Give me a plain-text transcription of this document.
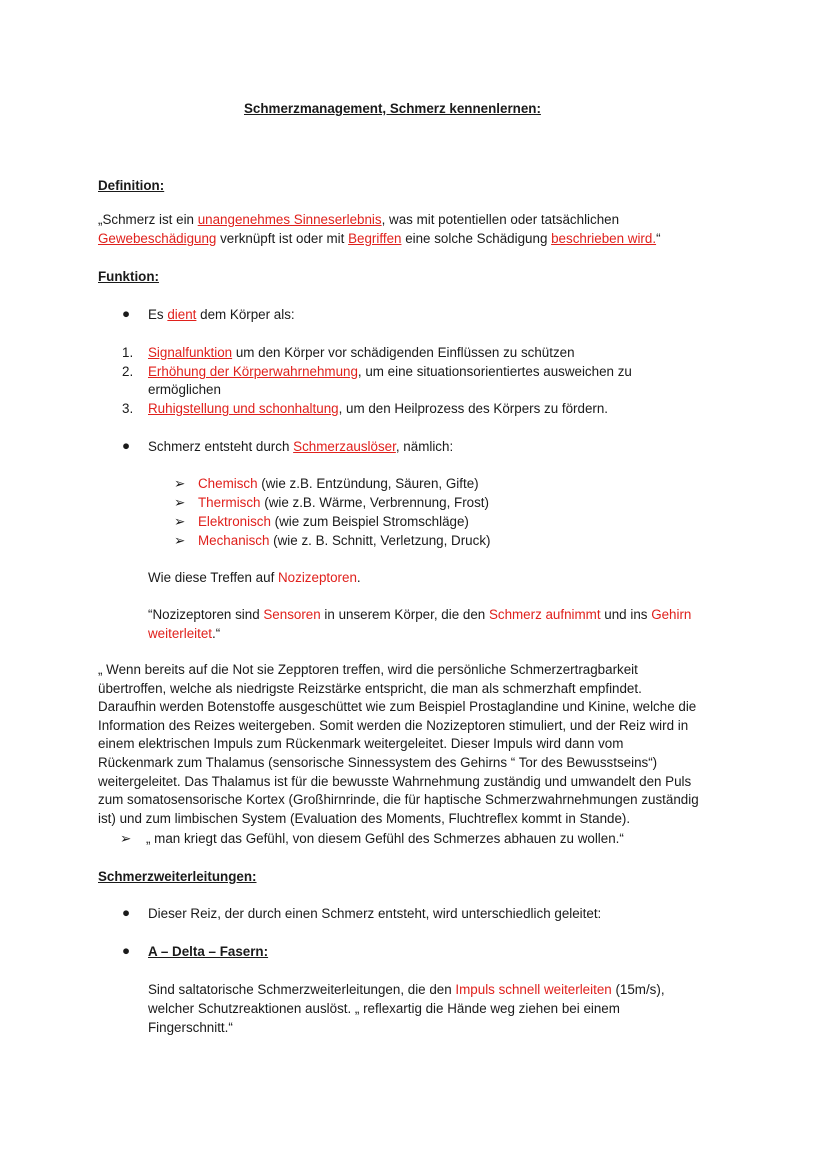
Schmerzmanagement, Schmerz kennenlernen:
Definition:
„Schmerz ist ein unangenehmes Sinneserlebnis, was mit potentiellen oder tatsächlichen
Gewebeschädigung verknüpft ist oder mit Begriffen eine solche Schädigung beschrieben wird.“
Funktion:
● Es dient dem Körper als:
1. Signalfunktion um den Körper vor schädigenden Einflüssen zu schützen
2. Erhöhung der Körperwahrnehmung, um eine situationsorientiertes ausweichen zu
ermöglichen
3. Ruhigstellung und schonhaltung, um den Heilprozess des Körpers zu fördern.
● Schmerz entsteht durch Schmerzauslöser, nämlich:
➢ Chemisch (wie z.B. Entzündung, Säuren, Gifte)
➢ Thermisch (wie z.B. Wärme, Verbrennung, Frost)
➢ Elektronisch (wie zum Beispiel Stromschläge)
➢ Mechanisch (wie z. B. Schnitt, Verletzung, Druck)
Wie diese Treffen auf Nozizeptoren.
“Nozizeptoren sind Sensoren in unserem Körper, die den Schmerz aufnimmt und ins Gehirn
weiterleitet.“
„ Wenn bereits auf die Not sie Zepptoren treffen, wird die persönliche Schmerzertragbarkeit
übertroffen, welche als niedrigste Reizstärke entspricht, die man als schmerzhaft empfindet.
Daraufhin werden Botenstoffe ausgeschüttet wie zum Beispiel Prostaglandine und Kinine, welche die
Information des Reizes weitergeben. Somit werden die Nozizeptoren stimuliert, und der Reiz wird in
einem elektrischen Impuls zum Rückenmark weitergeleitet. Dieser Impuls wird dann vom
Rückenmark zum Thalamus (sensorische Sinnessystem des Gehirns “ Tor des Bewusstseins“)
weitergeleitet. Das Thalamus ist für die bewusste Wahrnehmung zuständig und umwandelt den Puls
zum somatosensorische Kortex (Großhirnrinde, die für haptische Schmerzwahrnehmungen zuständig
ist) und zum limbischen System (Evaluation des Moments, Fluchtreflex kommt in Stande).
➢ „ man kriegt das Gefühl, von diesem Gefühl des Schmerzes abhauen zu wollen.“
Schmerzweiterleitungen:
● Dieser Reiz, der durch einen Schmerz entsteht, wird unterschiedlich geleitet:
● A – Delta – Fasern:
Sind saltatorische Schmerzweiterleitungen, die den Impuls schnell weiterleiten (15m/s),
welcher Schutzreaktionen auslöst. „ reflexartig die Hände weg ziehen bei einem
Fingerschnitt.“
